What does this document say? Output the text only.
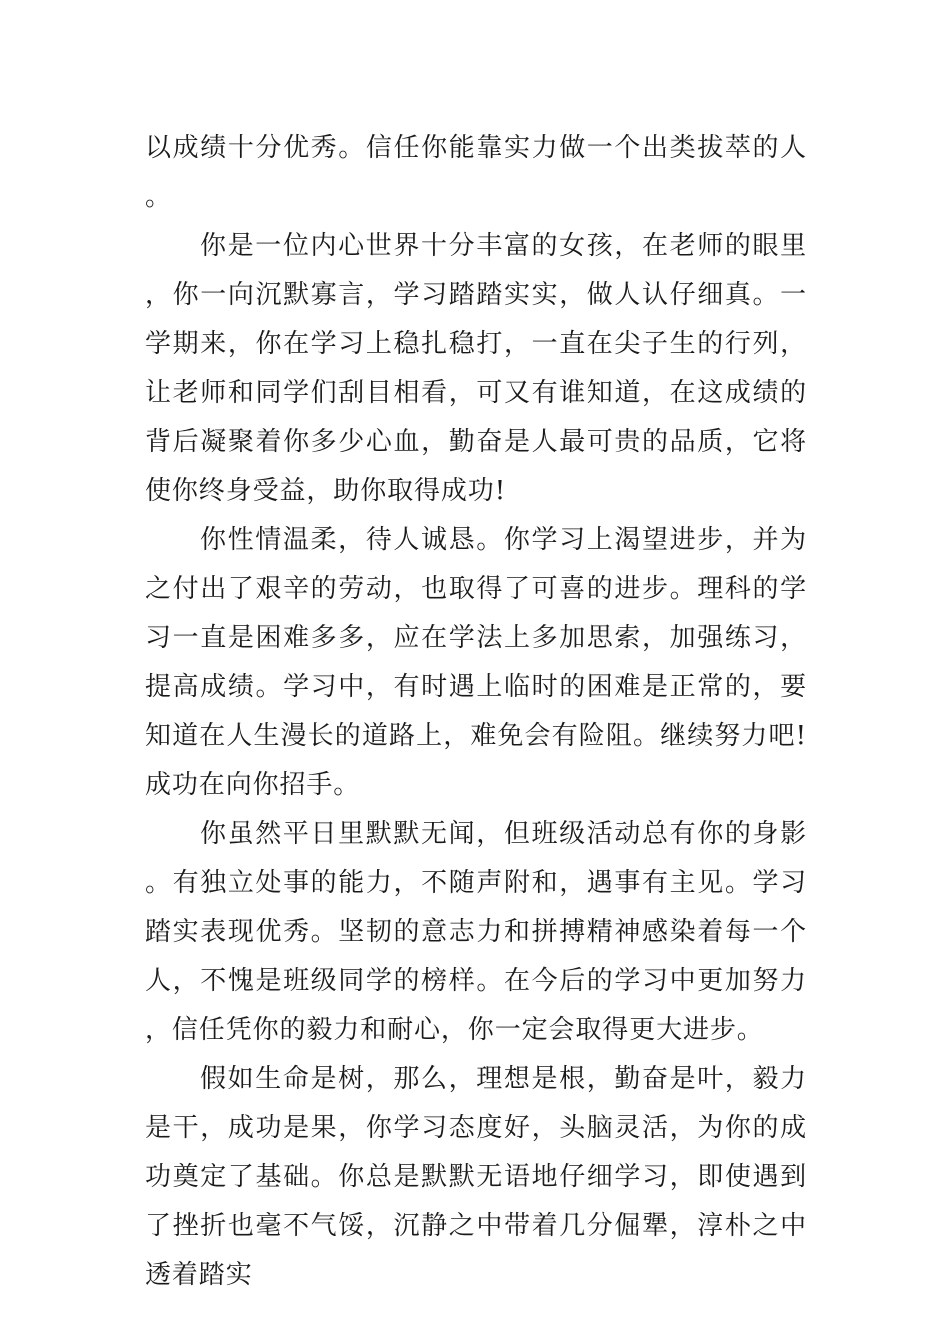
以成绩十分优秀。信任你能靠实力做一个出类拔萃的人。

你是一位内心世界十分丰富的女孩，在老师的眼里，你一向沉默寡言，学习踏踏实实，做人认仔细真。一学期来，你在学习上稳扎稳打，一直在尖子生的行列，让老师和同学们刮目相看，可又有谁知道，在这成绩的背后凝聚着你多少心血，勤奋是人最可贵的品质，它将使你终身受益，助你取得成功!

你性情温柔，待人诚恳。你学习上渴望进步，并为之付出了艰辛的劳动，也取得了可喜的进步。理科的学习一直是困难多多，应在学法上多加思索，加强练习，提高成绩。学习中，有时遇上临时的困难是正常的，要知道在人生漫长的道路上，难免会有险阻。继续努力吧!成功在向你招手。

你虽然平日里默默无闻，但班级活动总有你的身影。有独立处事的能力，不随声附和，遇事有主见。学习踏实表现优秀。坚韧的意志力和拼搏精神感染着每一个人，不愧是班级同学的榜样。在今后的学习中更加努力，信任凭你的毅力和耐心，你一定会取得更大进步。

假如生命是树，那么，理想是根，勤奋是叶，毅力是干，成功是果，你学习态度好，头脑灵活，为你的成功奠定了基础。你总是默默无语地仔细学习，即使遇到了挫折也毫不气馁，沉静之中带着几分倔犟，淳朴之中透着踏实
